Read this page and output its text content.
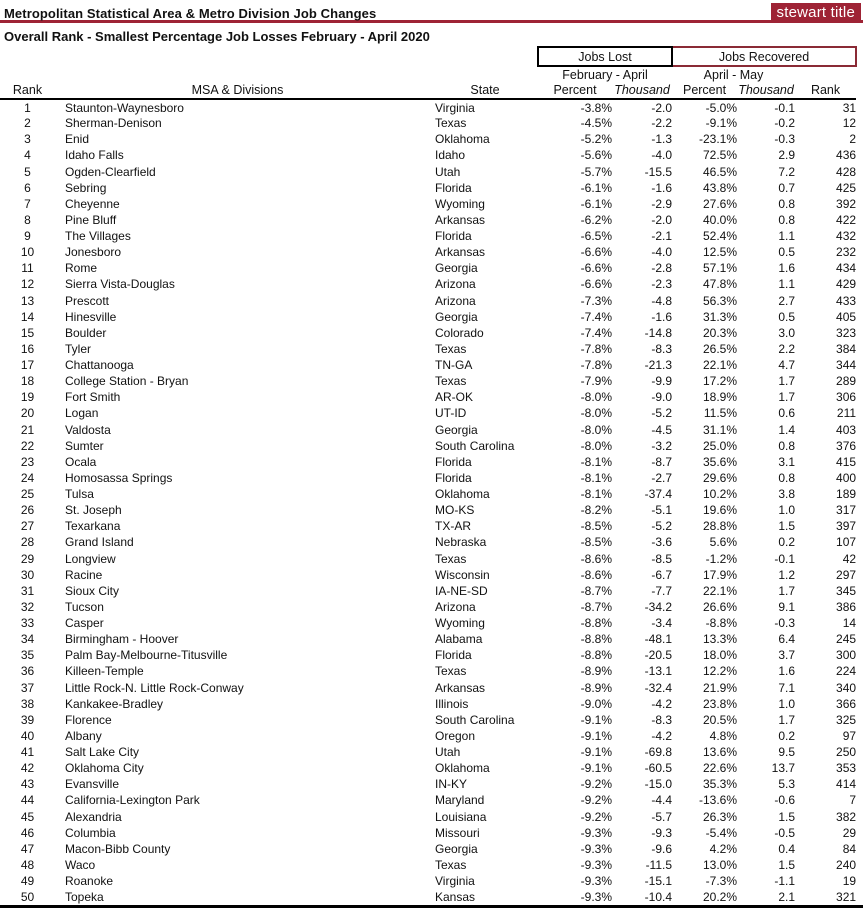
Metropolitan Statistical Area & Metro Division Job Changes	stewart title
Overall Rank - Smallest Percentage Job Losses February - April 2020
			Jobs Lost		Jobs Recovered		
			February - April		April - May		
Rank	MSA & Divisions	State	Percent	Thousand	Percent	Thousand	Rank
1	Staunton-Waynesboro	Virginia	-3.8%	-2.0	-5.0%	-0.1	31
2	Sherman-Denison	Texas	-4.5%	-2.2	-9.1%	-0.2	12
3	Enid	Oklahoma	-5.2%	-1.3	-23.1%	-0.3	2
4	Idaho Falls	Idaho	-5.6%	-4.0	72.5%	2.9	436
5	Ogden-Clearfield	Utah	-5.7%	-15.5	46.5%	7.2	428
6	Sebring	Florida	-6.1%	-1.6	43.8%	0.7	425
7	Cheyenne	Wyoming	-6.1%	-2.9	27.6%	0.8	392
8	Pine Bluff	Arkansas	-6.2%	-2.0	40.0%	0.8	422
9	The Villages	Florida	-6.5%	-2.1	52.4%	1.1	432
10	Jonesboro	Arkansas	-6.6%	-4.0	12.5%	0.5	232
11	Rome	Georgia	-6.6%	-2.8	57.1%	1.6	434
12	Sierra Vista-Douglas	Arizona	-6.6%	-2.3	47.8%	1.1	429
13	Prescott	Arizona	-7.3%	-4.8	56.3%	2.7	433
14	Hinesville	Georgia	-7.4%	-1.6	31.3%	0.5	405
15	Boulder	Colorado	-7.4%	-14.8	20.3%	3.0	323
16	Tyler	Texas	-7.8%	-8.3	26.5%	2.2	384
17	Chattanooga	TN-GA	-7.8%	-21.3	22.1%	4.7	344
18	College Station - Bryan	Texas	-7.9%	-9.9	17.2%	1.7	289
19	Fort Smith	AR-OK	-8.0%	-9.0	18.9%	1.7	306
20	Logan	UT-ID	-8.0%	-5.2	11.5%	0.6	211
21	Valdosta	Georgia	-8.0%	-4.5	31.1%	1.4	403
22	Sumter	South Carolina	-8.0%	-3.2	25.0%	0.8	376
23	Ocala	Florida	-8.1%	-8.7	35.6%	3.1	415
24	Homosassa Springs	Florida	-8.1%	-2.7	29.6%	0.8	400
25	Tulsa	Oklahoma	-8.1%	-37.4	10.2%	3.8	189
26	St. Joseph	MO-KS	-8.2%	-5.1	19.6%	1.0	317
27	Texarkana	TX-AR	-8.5%	-5.2	28.8%	1.5	397
28	Grand Island	Nebraska	-8.5%	-3.6	5.6%	0.2	107
29	Longview	Texas	-8.6%	-8.5	-1.2%	-0.1	42
30	Racine	Wisconsin	-8.6%	-6.7	17.9%	1.2	297
31	Sioux City	IA-NE-SD	-8.7%	-7.7	22.1%	1.7	345
32	Tucson	Arizona	-8.7%	-34.2	26.6%	9.1	386
33	Casper	Wyoming	-8.8%	-3.4	-8.8%	-0.3	14
34	Birmingham - Hoover	Alabama	-8.8%	-48.1	13.3%	6.4	245
35	Palm Bay-Melbourne-Titusville	Florida	-8.8%	-20.5	18.0%	3.7	300
36	Killeen-Temple	Texas	-8.9%	-13.1	12.2%	1.6	224
37	Little Rock-N. Little Rock-Conway	Arkansas	-8.9%	-32.4	21.9%	7.1	340
38	Kankakee-Bradley	Illinois	-9.0%	-4.2	23.8%	1.0	366
39	Florence	South Carolina	-9.1%	-8.3	20.5%	1.7	325
40	Albany	Oregon	-9.1%	-4.2	4.8%	0.2	97
41	Salt Lake City	Utah	-9.1%	-69.8	13.6%	9.5	250
42	Oklahoma City	Oklahoma	-9.1%	-60.5	22.6%	13.7	353
43	Evansville	IN-KY	-9.2%	-15.0	35.3%	5.3	414
44	California-Lexington Park	Maryland	-9.2%	-4.4	-13.6%	-0.6	7
45	Alexandria	Louisiana	-9.2%	-5.7	26.3%	1.5	382
46	Columbia	Missouri	-9.3%	-9.3	-5.4%	-0.5	29
47	Macon-Bibb County	Georgia	-9.3%	-9.6	4.2%	0.4	84
48	Waco	Texas	-9.3%	-11.5	13.0%	1.5	240
49	Roanoke	Virginia	-9.3%	-15.1	-7.3%	-1.1	19
50	Topeka	Kansas	-9.3%	-10.4	20.2%	2.1	321
